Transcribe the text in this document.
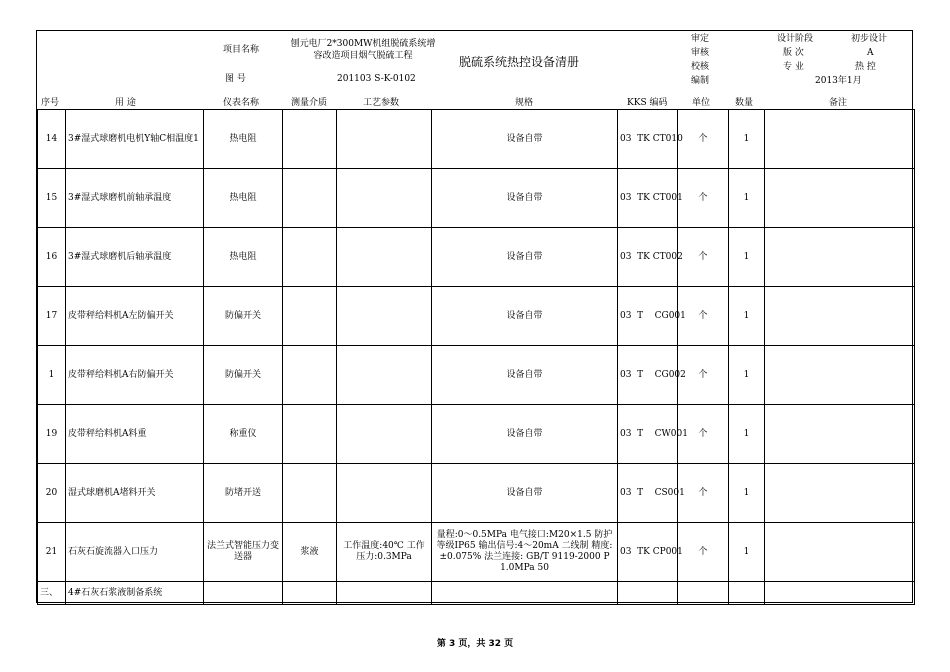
项目名称
刨元电厂2*300MW机组脱硫系统增
容改造项目烟气脱硫工程
图 号	201103 S-K-0102
脱硫系统热控设备清册
审定
审核
校核
编制
设计阶段	初步设计
版 次	A
专 业	热 控
2013年1月
序号	用 途	仪表名称	测量介质	工艺参数	规格	KKS 编码	单位	数量	备注
14	3#湿式球磨机电机Y轴C相温度1	热电阻			设备自带	03  TK CT010	个	1	
15	3#湿式球磨机前轴承温度	热电阻			设备自带	03  TK CT001	个	1	
16	3#湿式球磨机后轴承温度	热电阻			设备自带	03  TK CT002	个	1	
17	皮带秤给料机A左防偏开关	防偏开关			设备自带	03  T    CG001	个	1	
1	皮带秤给料机A右防偏开关	防偏开关			设备自带	03  T    CG002	个	1	
19	皮带秤给料机A料重	称重仪			设备自带	03  T    CW001	个	1	
20	湿式球磨机A堵料开关	防堵开送			设备自带	03  T    CS001	个	1	
21	石灰石旋流器入口压力	法兰式智能压力变送器	浆液	工作温度:40℃ 工作压力:0.3MPa	量程:0～0.5MPa 电气接口:M20×1.5 防护等级IP65 输出信号:4～20mA 二线制 精度:±0.075% 法兰连接: GB/T 9119-2000 P 1.0MPa 50	03  TK CP001	个	1	
三、	4#石灰石浆液制备系统								
第 3 页，共 32 页
